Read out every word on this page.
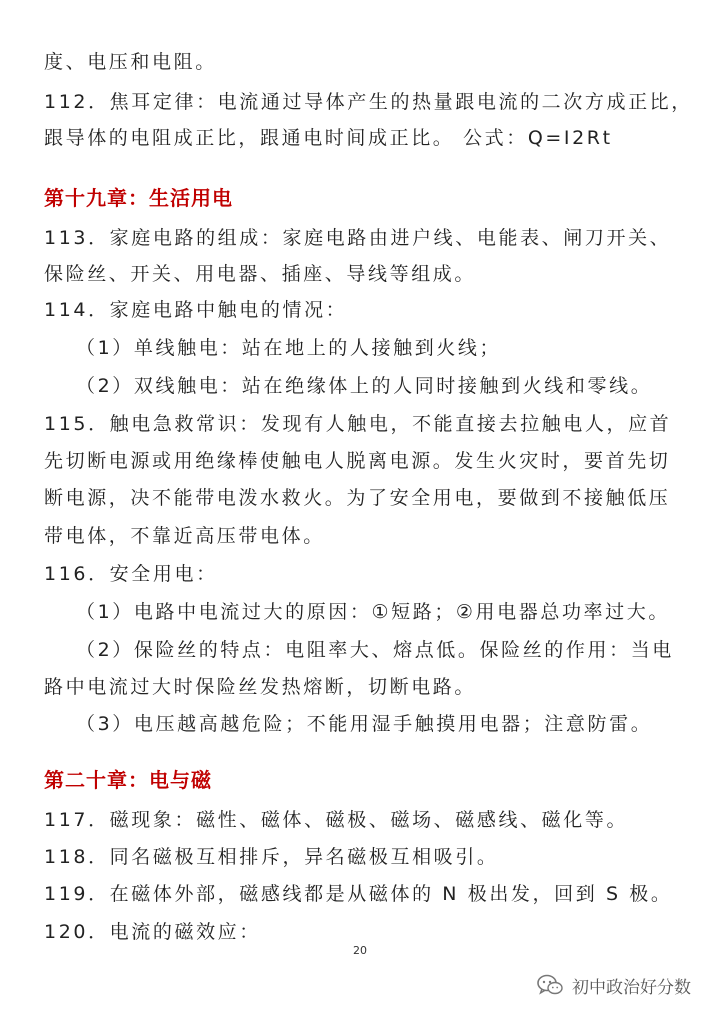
度、电压和电阻。
112．焦耳定律：电流通过导体产生的热量跟电流的二次方成正比，
跟导体的电阻成正比，跟通电时间成正比。 公式：Q=I2Rt
第十九章：生活用电
113．家庭电路的组成：家庭电路由进户线、电能表、闸刀开关、
保险丝、开关、用电器、插座、导线等组成。
114．家庭电路中触电的情况：
（1）单线触电：站在地上的人接触到火线；
（2）双线触电：站在绝缘体上的人同时接触到火线和零线。
115．触电急救常识：发现有人触电，不能直接去拉触电人，应首
先切断电源或用绝缘棒使触电人脱离电源。发生火灾时，要首先切
断电源，决不能带电泼水救火。为了安全用电，要做到不接触低压
带电体，不靠近高压带电体。
116．安全用电：
（1）电路中电流过大的原因：①短路；②用电器总功率过大。
（2）保险丝的特点：电阻率大、熔点低。保险丝的作用：当电
路中电流过大时保险丝发热熔断，切断电路。
（3）电压越高越危险；不能用湿手触摸用电器；注意防雷。
第二十章：电与磁
117．磁现象：磁性、磁体、磁极、磁场、磁感线、磁化等。
118．同名磁极互相排斥，异名磁极互相吸引。
119．在磁体外部，磁感线都是从磁体的 N 极出发，回到 S 极。
120．电流的磁效应：
20
初中政治好分数
